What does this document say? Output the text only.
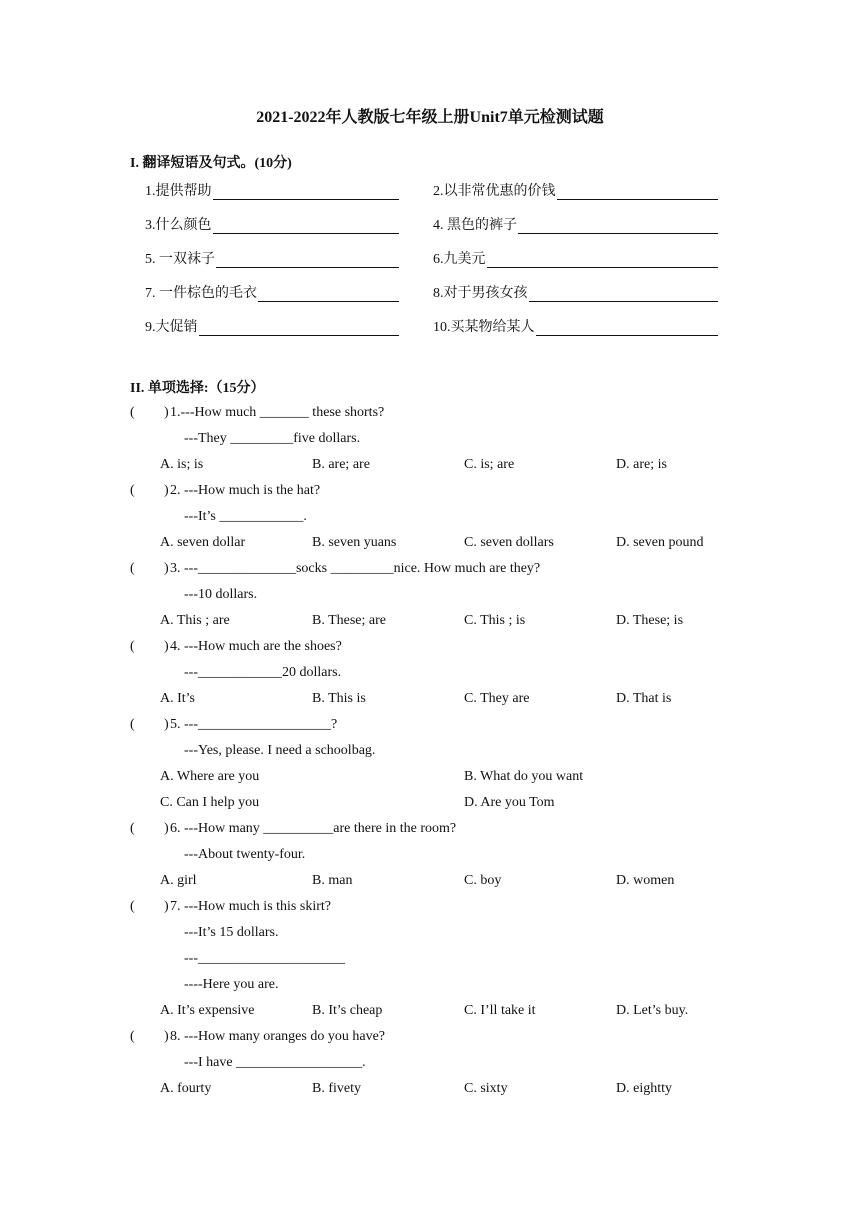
2021-2022年人教版七年级上册Unit7单元检测试题
I. 翻译短语及句式。(10分)
1.提供帮助	2.以非常优惠的价钱
3.什么颜色	4. 黑色的裤子
5. 一双袜子	6.九美元
7. 一件棕色的毛衣	8.对于男孩女孩
9.大促销	10.买某物给某人
II. 单项选择:（15分）
( ) 1.---How much _______ these shorts?
---They _________five dollars.
A. is; is	B. are; are	C. is; are	D. are; is
( ) 2. ---How much is the hat?
---It’s ____________.
A. seven dollar	B. seven yuans	C. seven dollars	D. seven pound
( ) 3. ---______________socks _________nice. How much are they?
---10 dollars.
A. This ; are	B. These; are	C. This ; is	D. These; is
( ) 4. ---How much are the shoes?
---____________20 dollars.
A. It’s	B. This is	C. They are	D. That is
( ) 5. ---___________________?
---Yes, please. I need a schoolbag.
A. Where are you	B. What do you want
C. Can I help you	D. Are you Tom
( ) 6. ---How many __________are there in the room?
---About twenty-four.
A. girl	B. man	C. boy	D. women
( ) 7. ---How much is this skirt?
---It’s 15 dollars.
---_____________________
----Here you are.
A. It’s expensive	B. It’s cheap	C. I’ll take it	D. Let’s buy.
( ) 8. ---How many oranges do you have?
---I have __________________.
A. fourty	B. fivety	C. sixty	D. eightty
